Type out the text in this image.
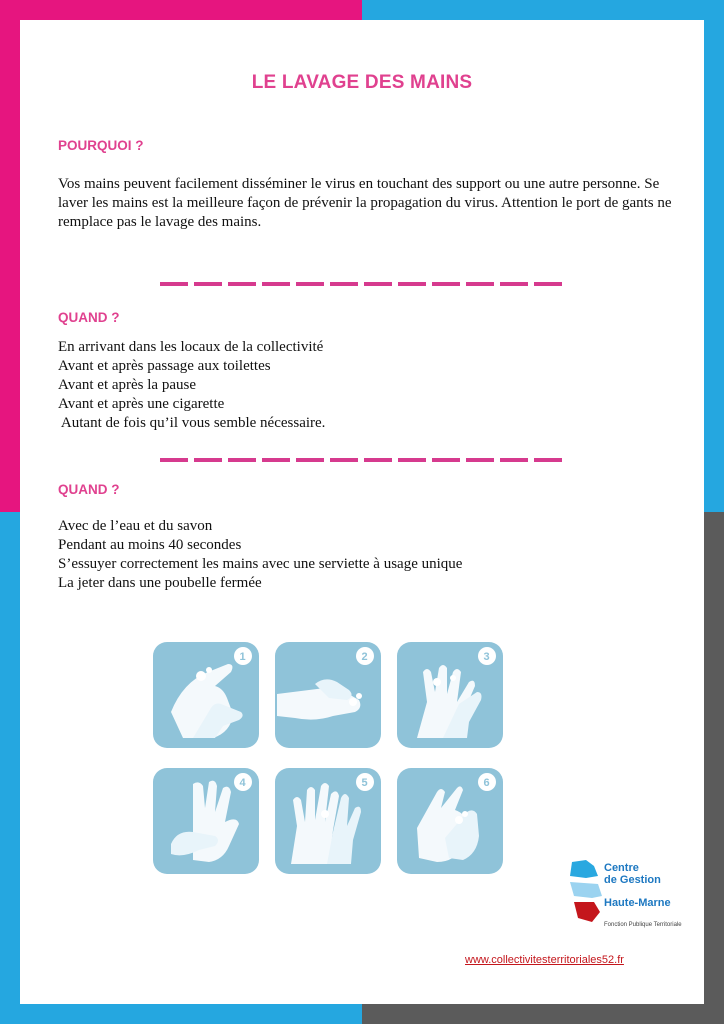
LE LAVAGE DES MAINS
POURQUOI ?
Vos mains peuvent facilement disséminer le virus en touchant des support ou une autre personne. Se laver les mains est la meilleure façon de prévenir la propagation du virus. Attention le port de gants ne remplace pas le lavage des mains.
QUAND ?
En arrivant dans les locaux de la collectivité
Avant et après passage aux toilettes
Avant et après la pause
Avant et après une cigarette
Autant de fois qu’il vous semble nécessaire.
QUAND ?
Avec de l’eau et du savon
Pendant au moins 40 secondes
S’essuyer correctement les mains avec une serviette à usage unique
La jeter dans une poubelle fermée
1	2	3
4	5	6
Centre
de Gestion
Haute-Marne
Fonction Publique Territoriale
www.collectivitesterritoriales52.fr
